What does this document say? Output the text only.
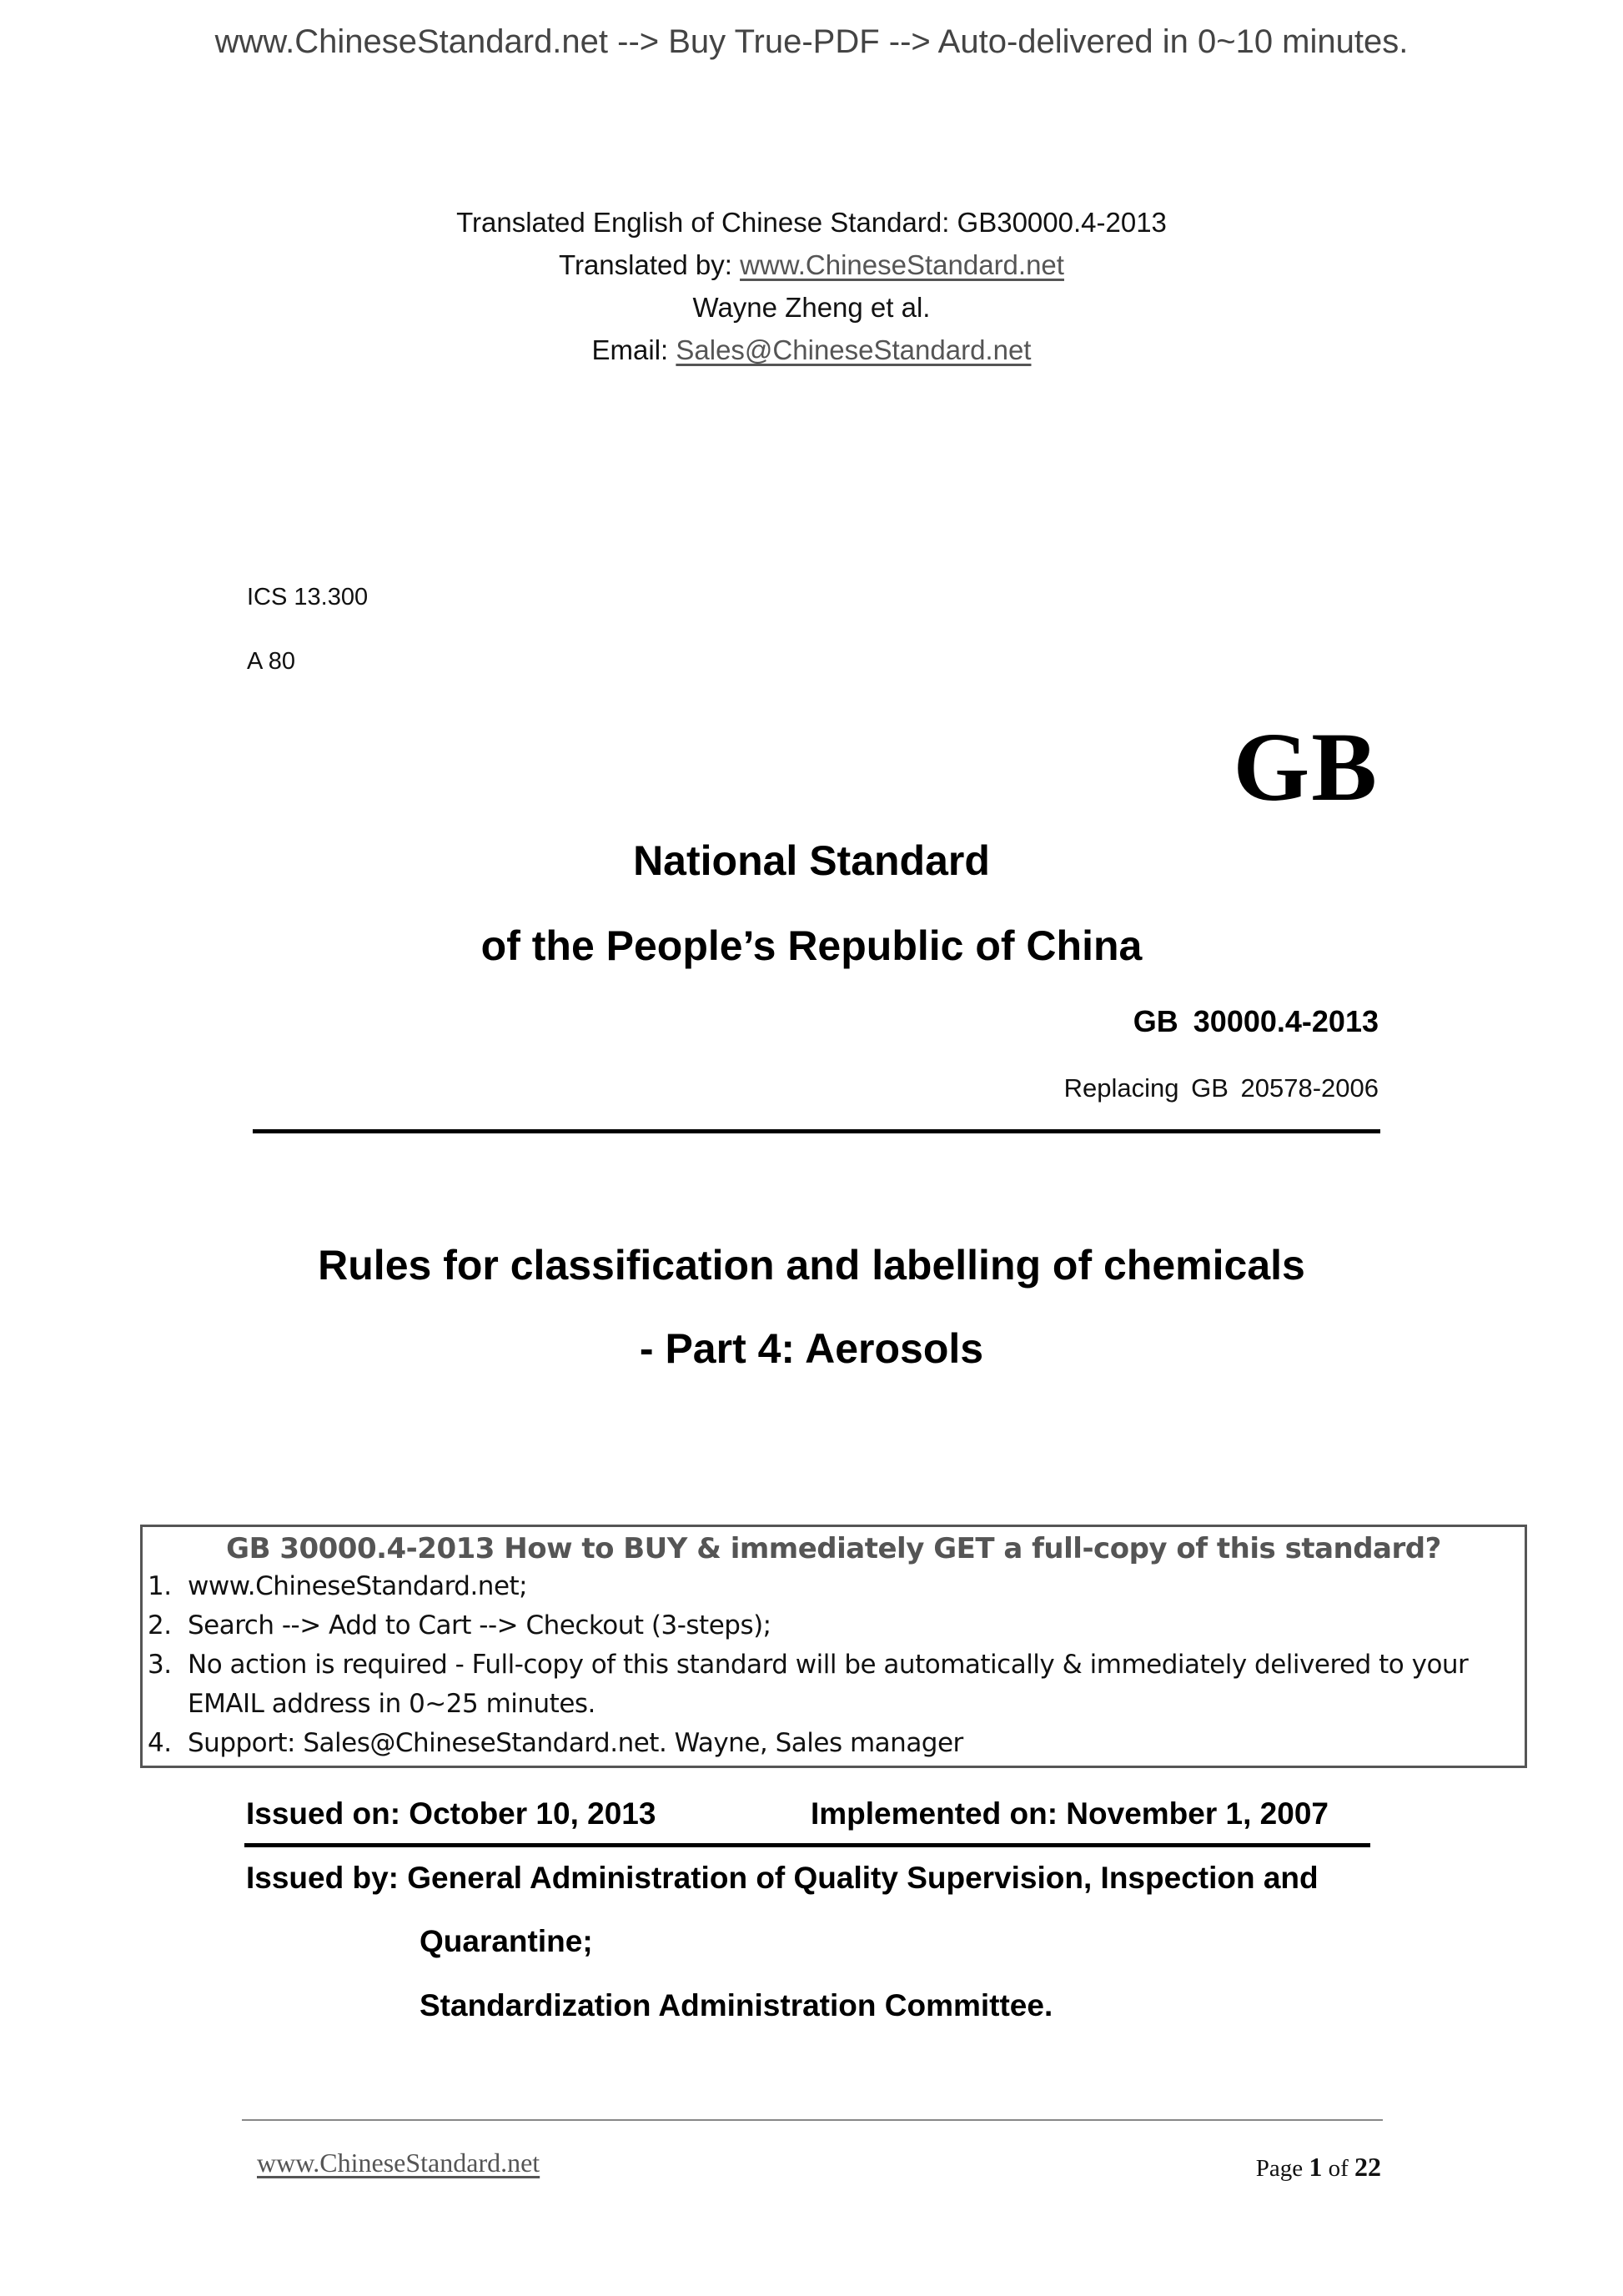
www.ChineseStandard.net --> Buy True-PDF --> Auto-delivered in 0~10 minutes.
Translated English of Chinese Standard: GB30000.4-2013
Translated by: www.ChineseStandard.net
Wayne Zheng et al.
Email: Sales@ChineseStandard.net
ICS 13.300
A 80
GB
National Standard
of the People’s Republic of China
GB 30000.4-2013
Replacing GB 20578-2006
Rules for classification and labelling of chemicals
- Part 4: Aerosols
GB 30000.4-2013 How to BUY & immediately GET a full-copy of this standard?
1. www.ChineseStandard.net;
2. Search --> Add to Cart --> Checkout (3-steps);
3. No action is required - Full-copy of this standard will be automatically & immediately delivered to your EMAIL address in 0~25 minutes.
4. Support: Sales@ChineseStandard.net. Wayne, Sales manager
Issued on: October 10, 2013	Implemented on: November 1, 2007
Issued by: General Administration of Quality Supervision, Inspection and
Quarantine;
Standardization Administration Committee.
www.ChineseStandard.net	Page 1 of 22
